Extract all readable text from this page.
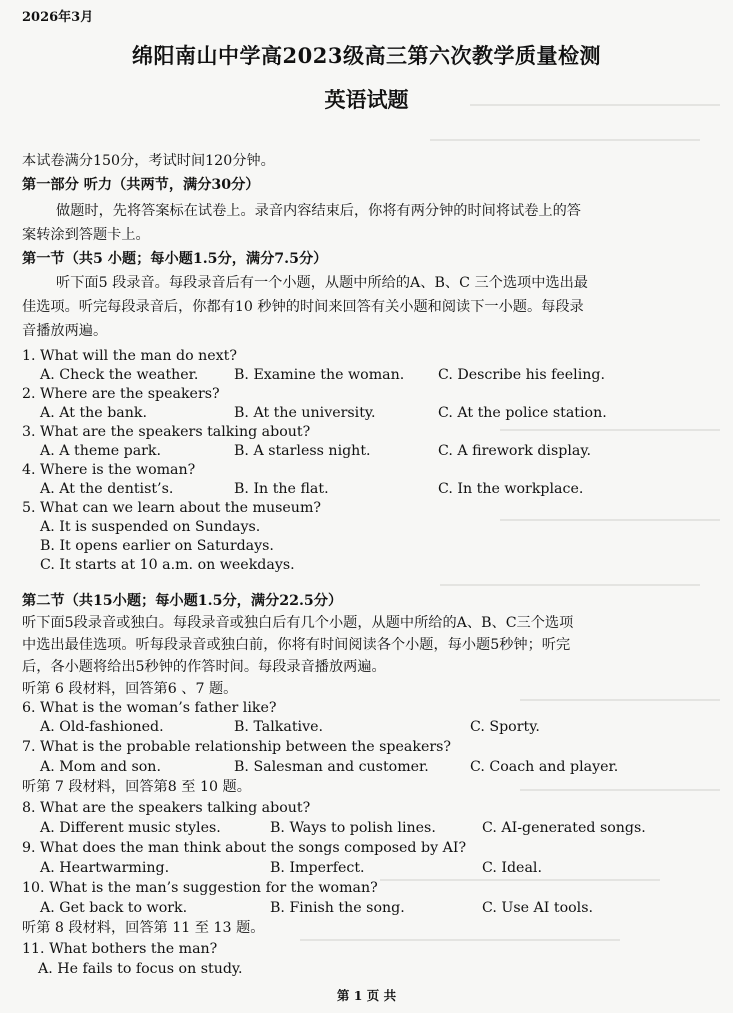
2026年3月
绵阳南山中学高2023级高三第六次教学质量检测
英语试题
本试卷满分150分，考试时间120分钟。
第一部分 听力（共两节，满分30分）
做题时，先将答案标在试卷上。录音内容结束后，你将有两分钟的时间将试卷上的答
案转涂到答题卡上。
第一节（共5 小题；每小题1.5分，满分7.5分）
听下面5 段录音。每段录音后有一个小题，从题中所给的A、B、C 三个选项中选出最
佳选项。听完每段录音后，你都有10 秒钟的时间来回答有关小题和阅读下一小题。每段录
音播放两遍。
1. What will the man do next?
A. Check the weather.	B. Examine the woman. C. Describe his feeling.
2. Where are the speakers?
A. At the bank.	B. At the university.	C. At the police station.
3. What are the speakers talking about?
A. A theme park.	B. A starless night.	C. A firework display.
4. Where is the woman?
A. At the dentist’s.	B. In the flat.	C. In the workplace.
5. What can we learn about the museum?
A. It is suspended on Sundays.
B. It opens earlier on Saturdays.
C. It starts at 10 a.m. on weekdays.
第二节（共15小题；每小题1.5分，满分22.5分）
听下面5段录音或独白。每段录音或独白后有几个小题，从题中所给的A、B、C三个选项
中选出最佳选项。听每段录音或独白前，你将有时间阅读各个小题，每小题5秒钟；听完
后，各小题将给出5秒钟的作答时间。每段录音播放两遍。
听第 6 段材料，回答第6 、7 题。
6. What is the woman’s father like?
A. Old-fashioned.	B. Talkative.	C. Sporty.
7. What is the probable relationship between the speakers?
A. Mom and son.	B. Salesman and customer.	C. Coach and player.
听第 7 段材料，回答第8 至 10 题。
8. What are the speakers talking about?
A. Different music styles.	B. Ways to polish lines.	C. AI-generated songs.
9. What does the man think about the songs composed by AI?
A. Heartwarming.	B. Imperfect.	C. Ideal.
10. What is the man’s suggestion for the woman?
A. Get back to work.	B. Finish the song.	C. Use AI tools.
听第 8 段材料，回答第 11 至 13 题。
11. What bothers the man?
A. He fails to focus on study.
第 1 页 共
